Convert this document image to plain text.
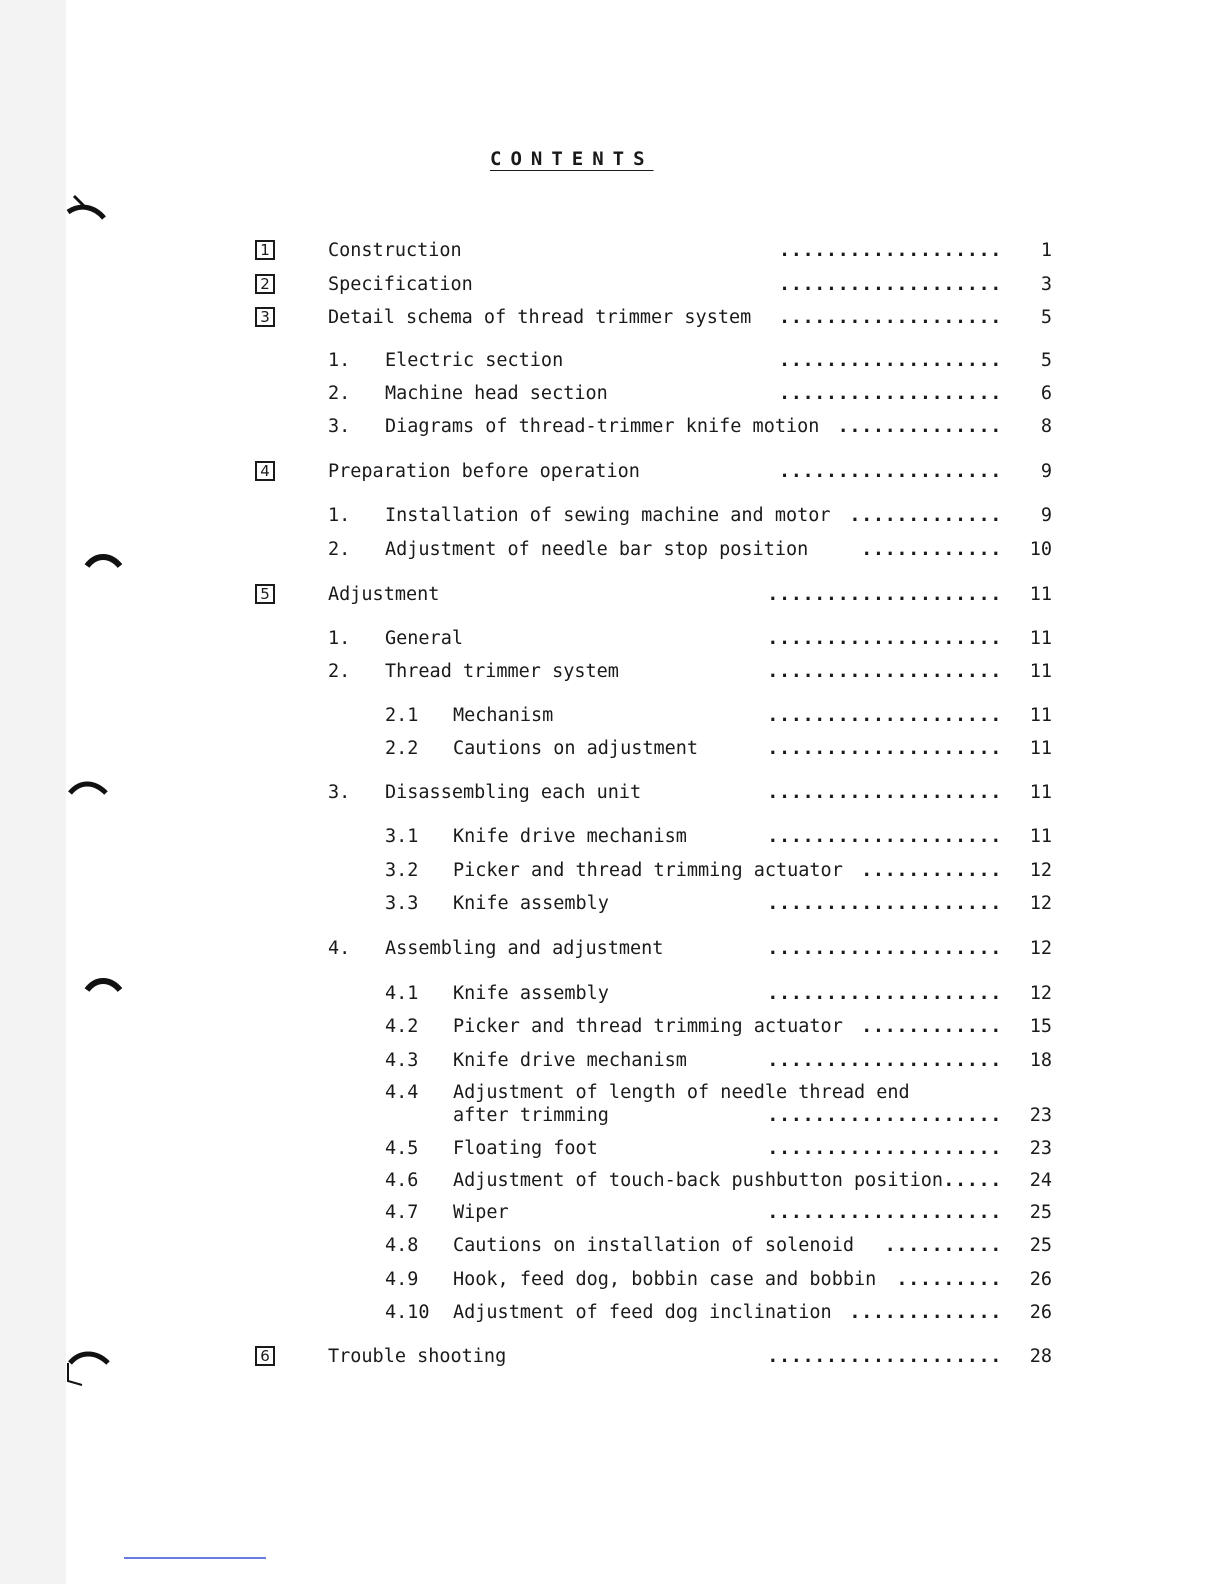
CONTENTS
1	Construction	...................	1
2	Specification	...................	3
3	Detail schema of thread trimmer system ...................	5
1. Electric section	...................	5
2. Machine head section	...................	6
3. Diagrams of thread-trimmer knife motion ..............	8
4	Preparation before operation	...................	9
1. Installation of sewing machine and motor .............	9
2. Adjustment of needle bar stop position	............	10
5	Adjustment	....................	11
1. General	....................	11
2. Thread trimmer system	....................	11
2.1 Mechanism	....................	11
2.2 Cautions on adjustment	....................	11
3. Disassembling each unit	....................	11
3.1 Knife drive mechanism	....................	11
3.2 Picker and thread trimming actuator ............	12
3.3 Knife assembly	....................	12
4. Assembling and adjustment	....................	12
4.1 Knife assembly	....................	12
4.2 Picker and thread trimming actuator ............	15
4.3 Knife drive mechanism	....................	18
4.4 Adjustment of length of needle thread end
after trimming	....................	23
4.5 Floating foot	....................	23
4.6 Adjustment of touch-back pushbutton position .....	24
4.7 Wiper	....................	25
4.8 Cautions on installation of solenoid ..........	25
4.9 Hook, feed dog, bobbin case and bobbin .........	26
4.10 Adjustment of feed dog inclination .............	26
6	Trouble shooting	....................	28
